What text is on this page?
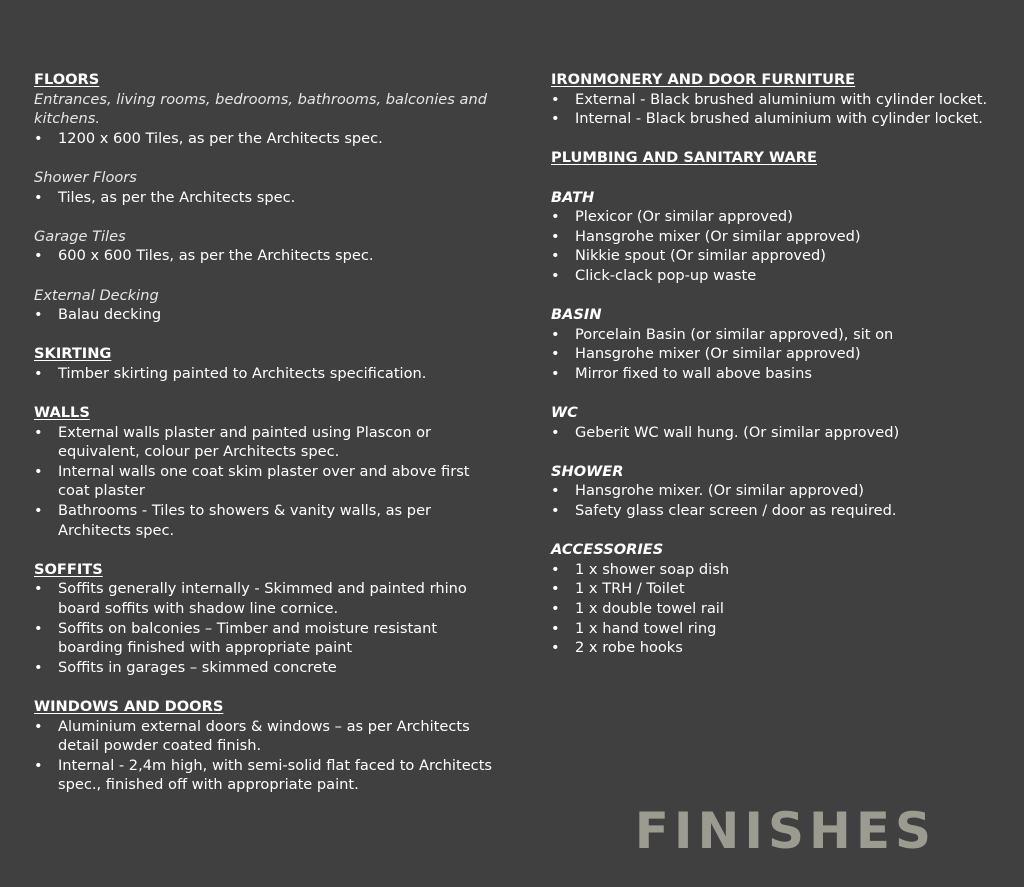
FLOORS
Entrances, living rooms, bedrooms, bathrooms, balconies and kitchens.
• 1200 x 600 Tiles, as per the Architects spec.
Shower Floors
• Tiles, as per the Architects spec.
Garage Tiles
• 600 x 600 Tiles, as per the Architects spec.
External Decking
• Balau decking
SKIRTING
• Timber skirting painted to Architects specification.
WALLS
• External walls plaster and painted using Plascon or equivalent, colour per Architects spec.
• Internal walls one coat skim plaster over and above first coat plaster
• Bathrooms - Tiles to showers & vanity walls, as per Architects spec.
SOFFITS
• Soffits generally internally - Skimmed and painted rhino board soffits with shadow line cornice.
• Soffits on balconies – Timber and moisture resistant boarding finished with appropriate paint
• Soffits in garages – skimmed concrete
WINDOWS AND DOORS
• Aluminium external doors & windows – as per Architects detail powder coated finish.
• Internal - 2,4m high, with semi-solid flat faced to Architects spec., finished off with appropriate paint.
IRONMONERY AND DOOR FURNITURE
• External - Black brushed aluminium with cylinder locket.
• Internal - Black brushed aluminium with cylinder locket.
PLUMBING AND SANITARY WARE
BATH
• Plexicor (Or similar approved)
• Hansgrohe mixer (Or similar approved)
• Nikkie spout (Or similar approved)
• Click-clack pop-up waste
BASIN
• Porcelain Basin (or similar approved), sit on
• Hansgrohe mixer (Or similar approved)
• Mirror fixed to wall above basins
WC
• Geberit WC wall hung. (Or similar approved)
SHOWER
• Hansgrohe mixer. (Or similar approved)
• Safety glass clear screen / door as required.
ACCESSORIES
• 1 x shower soap dish
• 1 x TRH / Toilet
• 1 x double towel rail
• 1 x hand towel ring
• 2 x robe hooks
FINISHES
